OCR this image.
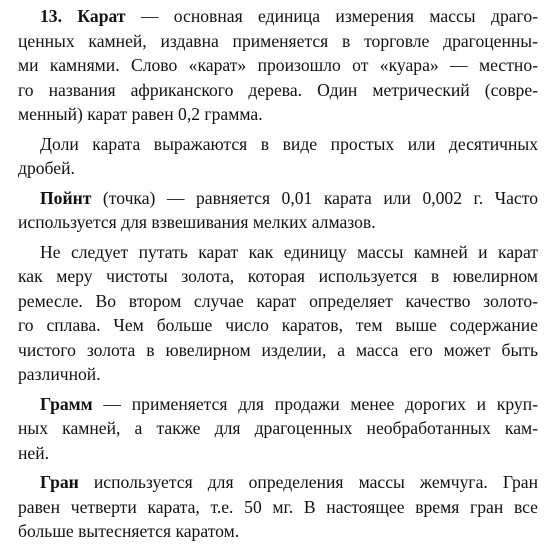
13. Карат — основная единица измерения массы драго-
ценных камней, издавна применяется в торговле драгоценны-
ми камнями. Слово «карат» произошло от «куара» — местно-
го названия африканского дерева. Один метрический (совре-
менный) карат равен 0,2 грамма.
Доли карата выражаются в виде простых или десятичных
дробей.
Пойнт (точка) — равняется 0,01 карата или 0,002 г. Часто
используется для взвешивания мелких алмазов.
Не следует путать карат как единицу массы камней и карат
как меру чистоты золота, которая используется в ювелирном
ремесле. Во втором случае карат определяет качество золото-
го сплава. Чем больше число каратов, тем выше содержание
чистого золота в ювелирном изделии, а масса его может быть
различной.
Грамм — применяется для продажи менее дорогих и круп-
ных камней, а также для драгоценных необработанных кам-
ней.
Гран используется для определения массы жемчуга. Гран
равен четверти карата, т.е. 50 мг. В настоящее время гран все
больше вытесняется каратом.
